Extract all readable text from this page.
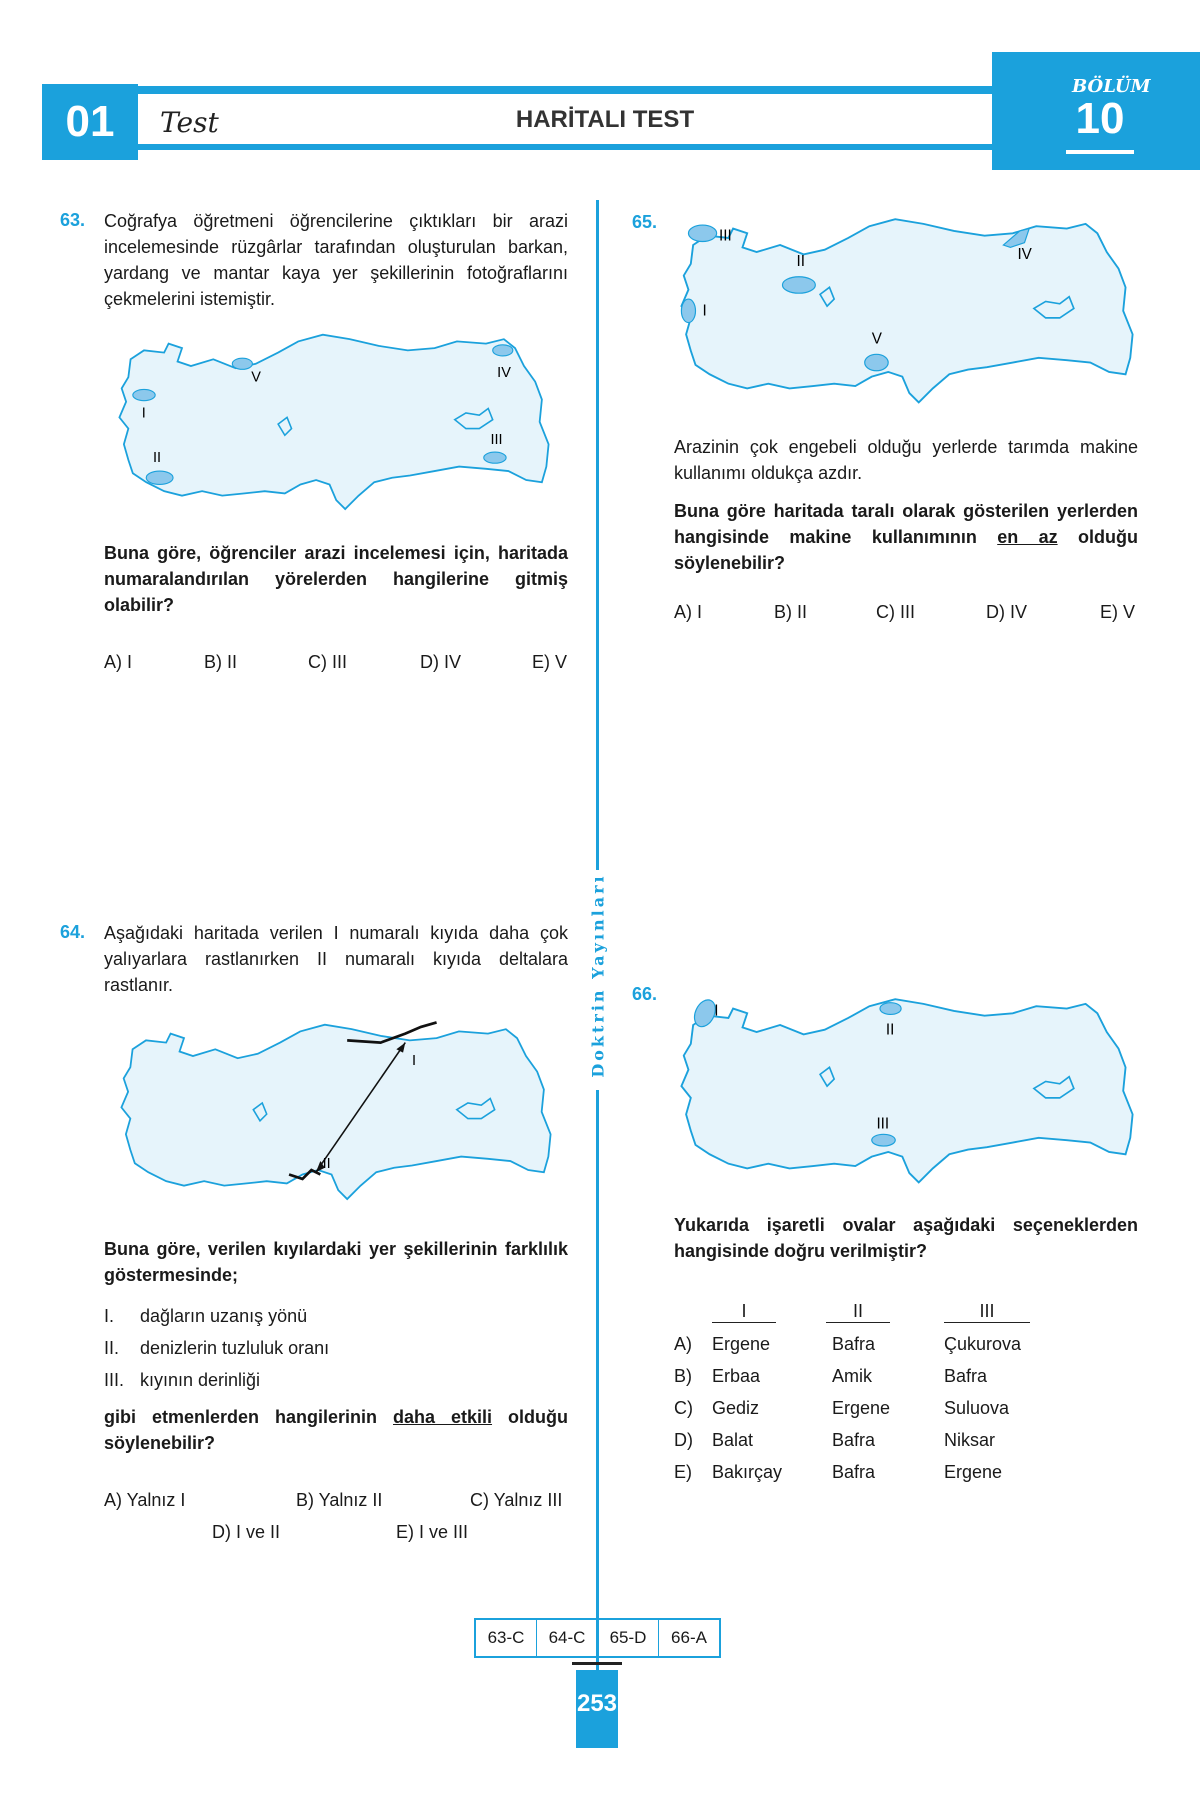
01 Test	HARİTALI TEST
BÖLÜM
10
Doktrin Yayınları
63. Coğrafya öğretmeni öğrencilerine çıktıkları bir arazi incelemesinde rüzgârlar tarafından oluşturulan barkan, yardang ve mantar kaya yer şekillerinin fotoğraflarını çekmelerini istemiştir.
I
II
III
IV
V
Buna göre, öğrenciler arazi incelemesi için, haritada numaralandırılan yörelerden hangilerine gitmiş olabilir?
A) I	B) II	C) III	D) IV	E) V
65.
I
II
III
IV
V
Arazinin çok engebeli olduğu yerlerde tarımda makine kullanımı oldukça azdır.
Buna göre haritada taralı olarak gösterilen yerlerden hangisinde makine kullanımının en az olduğu söylenebilir?
A) I	B) II	C) III	D) IV	E) V
64. Aşağıdaki haritada verilen I numaralı kıyıda daha çok yalıyarlara rastlanırken II numaralı kıyıda deltalara rastlanır.
I
II
Buna göre, verilen kıyılardaki yer şekillerinin farklılık göstermesinde;
I. dağların uzanış yönü
II. denizlerin tuzluluk oranı
III. kıyının derinliği
gibi etmenlerden hangilerinin daha etkili olduğu söylenebilir?
A) Yalnız I	B) Yalnız II	C) Yalnız III
D) I ve II	E) I ve III
66.
I
II
III
Yukarıda işaretli ovalar aşağıdaki seçeneklerden hangisinde doğru verilmiştir?
I	II	III
A) Ergene	Bafra	Çukurova
B) Erbaa	Amik	Bafra
C) Gediz	Ergene	Suluova
D) Balat	Bafra	Niksar
E) Bakırçay	Bafra	Ergene
63-C	64-C	65-D	66-A
253
